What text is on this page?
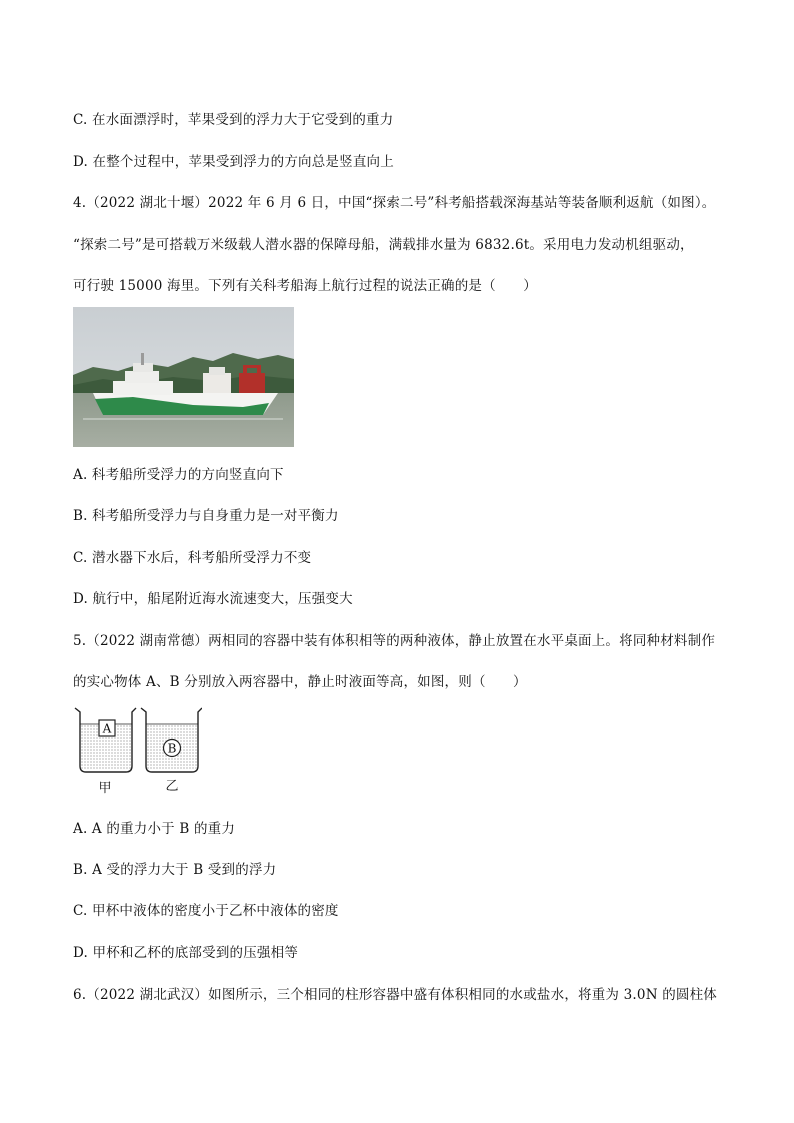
C. 在水面漂浮时，苹果受到的浮力大于它受到的重力
D. 在整个过程中，苹果受到浮力的方向总是竖直向上
4.（2022 湖北十堰）2022 年 6 月 6 日，中国“探索二号”科考船搭载深海基站等装备顺利返航（如图）。
“探索二号”是可搭载万米级载人潜水器的保障母船，满载排水量为 6832.6t。采用电力发动机组驱动，
可行驶 15000 海里。下列有关科考船海上航行过程的说法正确的是（　　）
A. 科考船所受浮力的方向竖直向下
B. 科考船所受浮力与自身重力是一对平衡力
C. 潜水器下水后，科考船所受浮力不变
D. 航行中，船尾附近海水流速变大，压强变大
5.（2022 湖南常德）两相同的容器中装有体积相等的两种液体，静止放置在水平桌面上。将同种材料制作
的实心物体 A、B 分别放入两容器中，静止时液面等高，如图，则（　　）
A
B
甲	乙
A. A 的重力小于 B 的重力
B. A 受的浮力大于 B 受到的浮力
C. 甲杯中液体的密度小于乙杯中液体的密度
D. 甲杯和乙杯的底部受到的压强相等
6.（2022 湖北武汉）如图所示，三个相同的柱形容器中盛有体积相同的水或盐水，将重为 3.0N 的圆柱体
